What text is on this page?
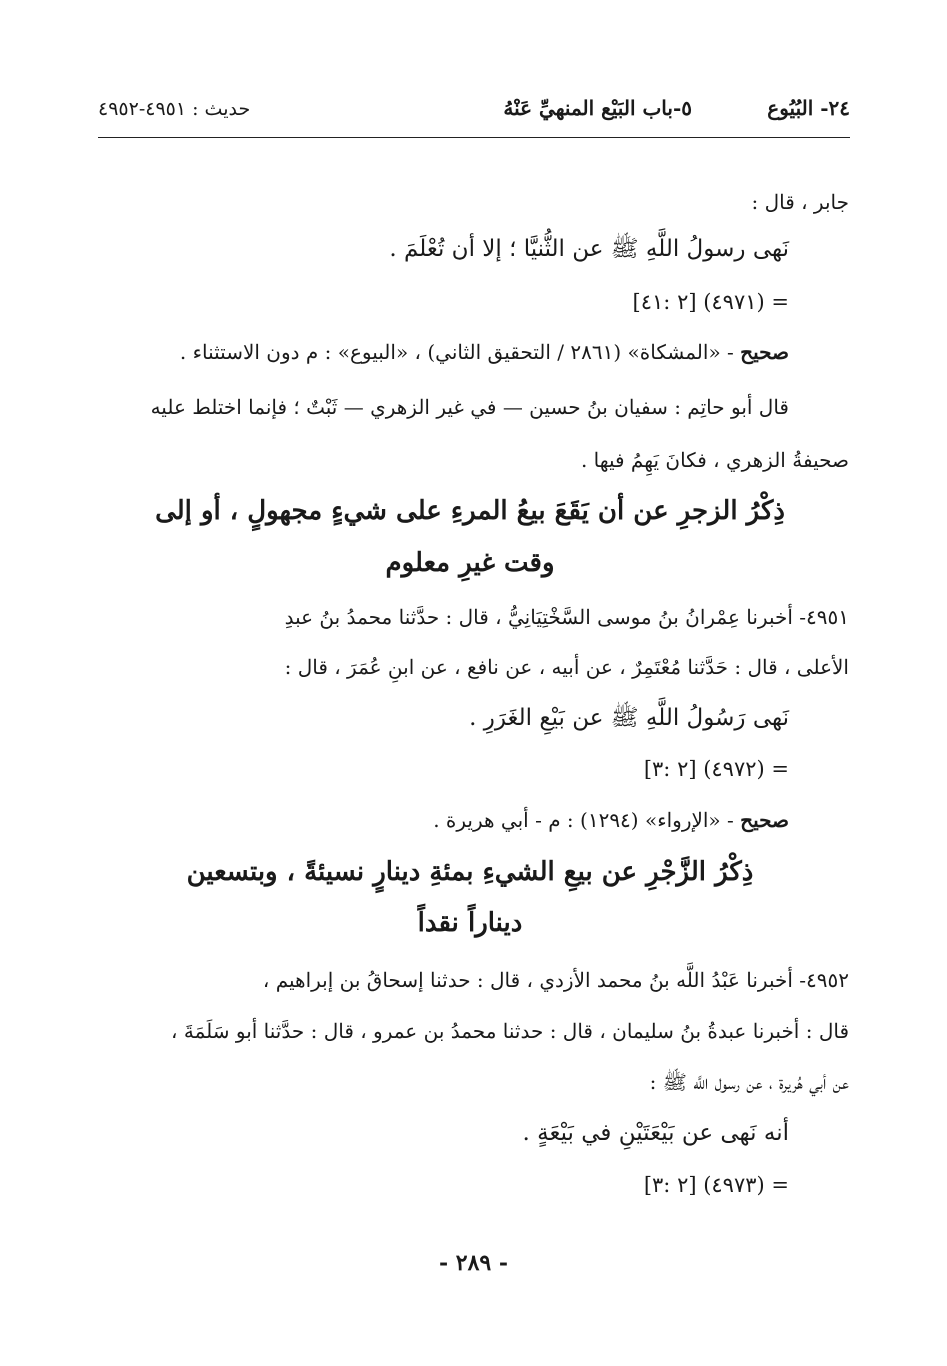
٢٤- البُيُوع
٥-باب البَيْع المنهيِّ عَنْهُ
حديث : ٤٩٥١-٤٩٥٢
جابر ، قال :
نَهى رسولُ اللَّهِ ﷺ عن الثُّنيَّا ؛ إلا أن تُعْلَمَ .
= (٤٩٧١) [٢ :٤١]
صحيح - «المشكاة» (٢٨٦١ / التحقيق الثاني) ، «البيوع» : م دون الاستثناء .
قال أبو حاتِم : سفيان بنُ حسين — في غير الزهري — ثَبْتٌ ؛ فإنما اختلط عليه
صحيفةُ الزهري ، فكانَ يَهِمُ فيها .
ذِكْرُ الزجرِ عن أن يَقَعَ بيعُ المرءِ على شيءٍ مجهولٍ ، أو إلى
وقت غيرِ معلوم
٤٩٥١- أخبرنا عِمْرانُ بنُ موسى السَّخْتِيَانِيُّ ، قال : حدَّثنا محمدُ بنُ عبدِ
الأعلى ، قال : حَدَّثنا مُعْتَمِرٌ ، عن أبيه ، عن نافع ، عن ابنِ عُمَرَ ، قال :
نَهى رَسُولُ اللَّهِ ﷺ عن بَيْعِ الغَرَرِ .
= (٤٩٧٢) [٢ :٣]
صحيح - «الإرواء» (١٢٩٤) : م - أبي هريرة .
ذِكْرُ الزَّجْرِ عن بيعِ الشيءِ بمئةِ دينارٍ نسيئةً ، وبتسعين
ديناراً نقداً
٤٩٥٢- أخبرنا عَبْدُ اللَّه بنُ محمد الأزدي ، قال : حدثنا إسحاقُ بن إبراهيم ،
قال : أخبرنا عبدةُ بنُ سليمان ، قال : حدثنا محمدُ بن عمرو ، قال : حدَّثنا أبو سَلَمَةَ ،
عن أبي هُريرة ، عن رسول اللَّه ﷺ :
أنه نَهى عن بَيْعَتَيْنِ في بَيْعَةٍ .
= (٤٩٧٣) [٢ :٣]
- ٢٨٩ -
